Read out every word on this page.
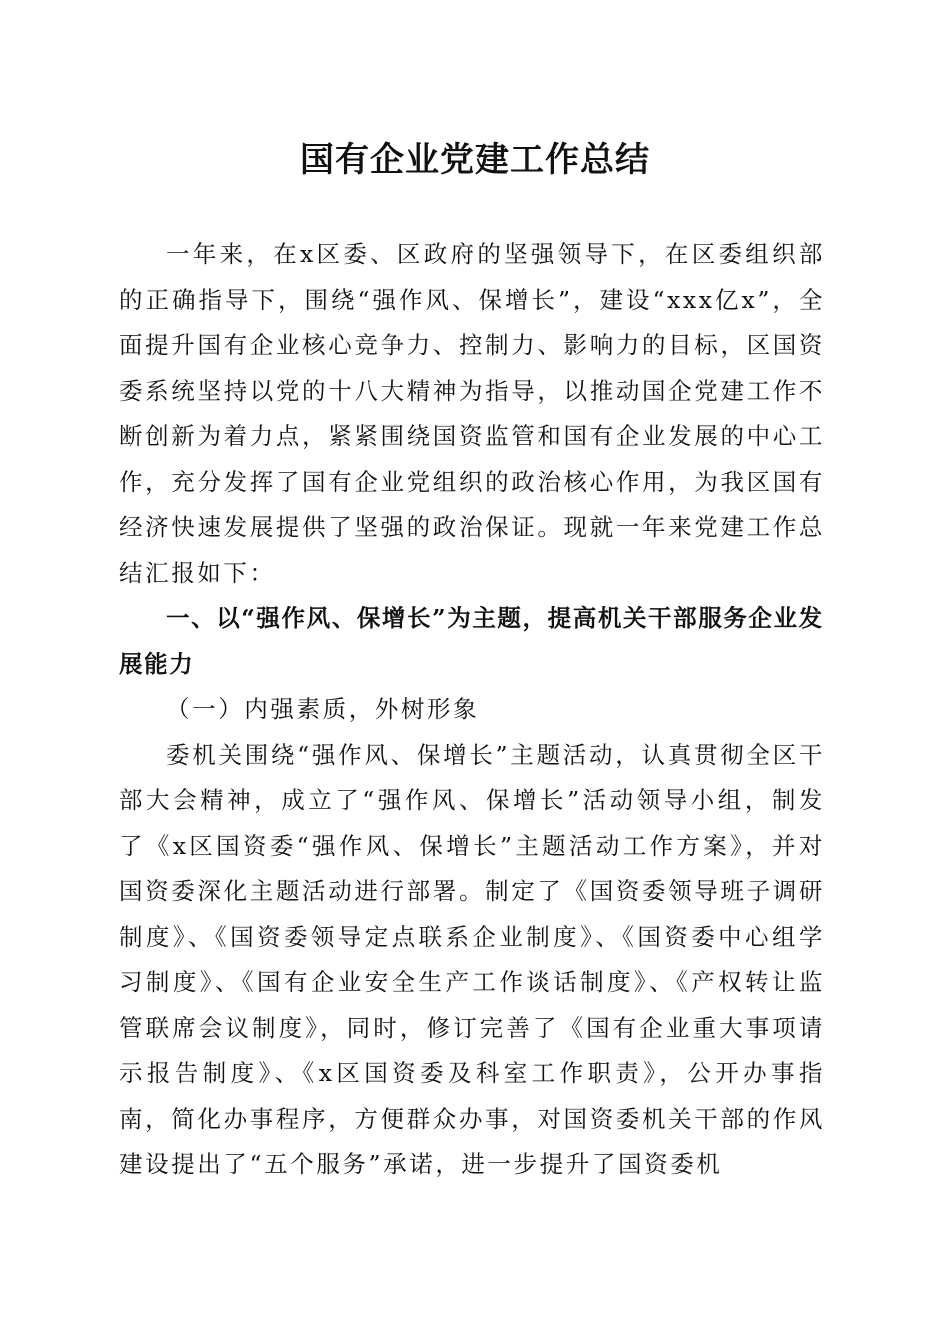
国有企业党建工作总结

一年来，在x区委、区政府的坚强领导下，在区委组织部的正确指导下，围绕“强作风、保增长”，建设“xxx亿x”，全面提升国有企业核心竞争力、控制力、影响力的目标，区国资委系统坚持以党的十八大精神为指导，以推动国企党建工作不断创新为着力点，紧紧围绕国资监管和国有企业发展的中心工作，充分发挥了国有企业党组织的政治核心作用，为我区国有经济快速发展提供了坚强的政治保证。现就一年来党建工作总结汇报如下：

一、以“强作风、保增长”为主题，提高机关干部服务企业发展能力

（一）内强素质，外树形象

委机关围绕“强作风、保增长”主题活动，认真贯彻全区干部大会精神，成立了“强作风、保增长”活动领导小组，制发了《x区国资委“强作风、保增长”主题活动工作方案》，并对国资委深化主题活动进行部署。制定了《国资委领导班子调研制度》、《国资委领导定点联系企业制度》、《国资委中心组学习制度》、《国有企业安全生产工作谈话制度》、《产权转让监管联席会议制度》，同时，修订完善了《国有企业重大事项请示报告制度》、《x区国资委及科室工作职责》，公开办事指南，简化办事程序，方便群众办事，对国资委机关干部的作风建设提出了“五个服务”承诺，进一步提升了国资委机
